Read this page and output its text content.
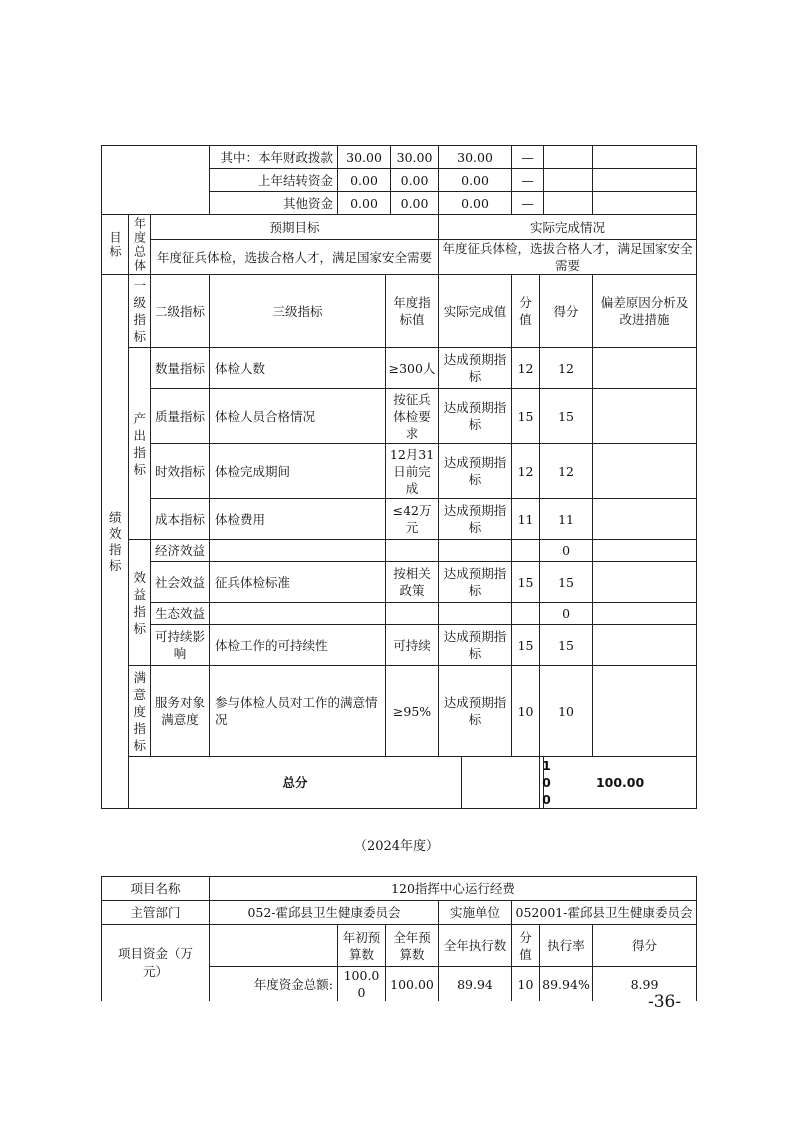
			其中：本年财政拨款	30.00		30.00	30.00		—				
			上年结转资金	0.00		0.00	0.00		—				
			其他资金	0.00		0.00	0.00		—				
目标	年度总体	预期目标					实际完成情况						
		年度征兵体检，选拔合格人才，满足国家安全需要					年度征兵体检，选拔合格人才，满足国家安全需要						

绩效指标	一级指标	二级指标	三级指标		年度指标值		实际完成值		分值	得分		偏差原因分析及改进措施	

	产出指标	数量指标	体检人数		≥300人		达成预期指标		12	12			
		质量指标	体检人员合格情况		按征兵体检要求		达成预期指标		15	15			
		时效指标	体检完成期间		12月31日前完成		达成预期指标		12	12			
		成本指标	体检费用		≤42万元		达成预期指标		11	11			

	效益指标	经济效益								0			
		社会效益	征兵体检标准		按相关政策		达成预期指标		15	15			
		生态效益								0			
		可持续影响	体检工作的可持续性		可持续		达成预期指标		15	15			

	满意度指标	服务对象满意度	参与体检人员对工作的满意情况		≥95%		达成预期指标		10	10			
	总分									100	100.00		
（2024年度）
项目名称	120指挥中心运行经费						
主管部门	052-霍邱县卫生健康委员会			实施单位	052001-霍邱县卫生健康委员会		

项目资金（万元）		年初预算数	全年预算数	全年执行数	分值	执行率	得分
	年度资金总额:	100.00	100.00	89.94	10	89.94%	8.99
-36-
